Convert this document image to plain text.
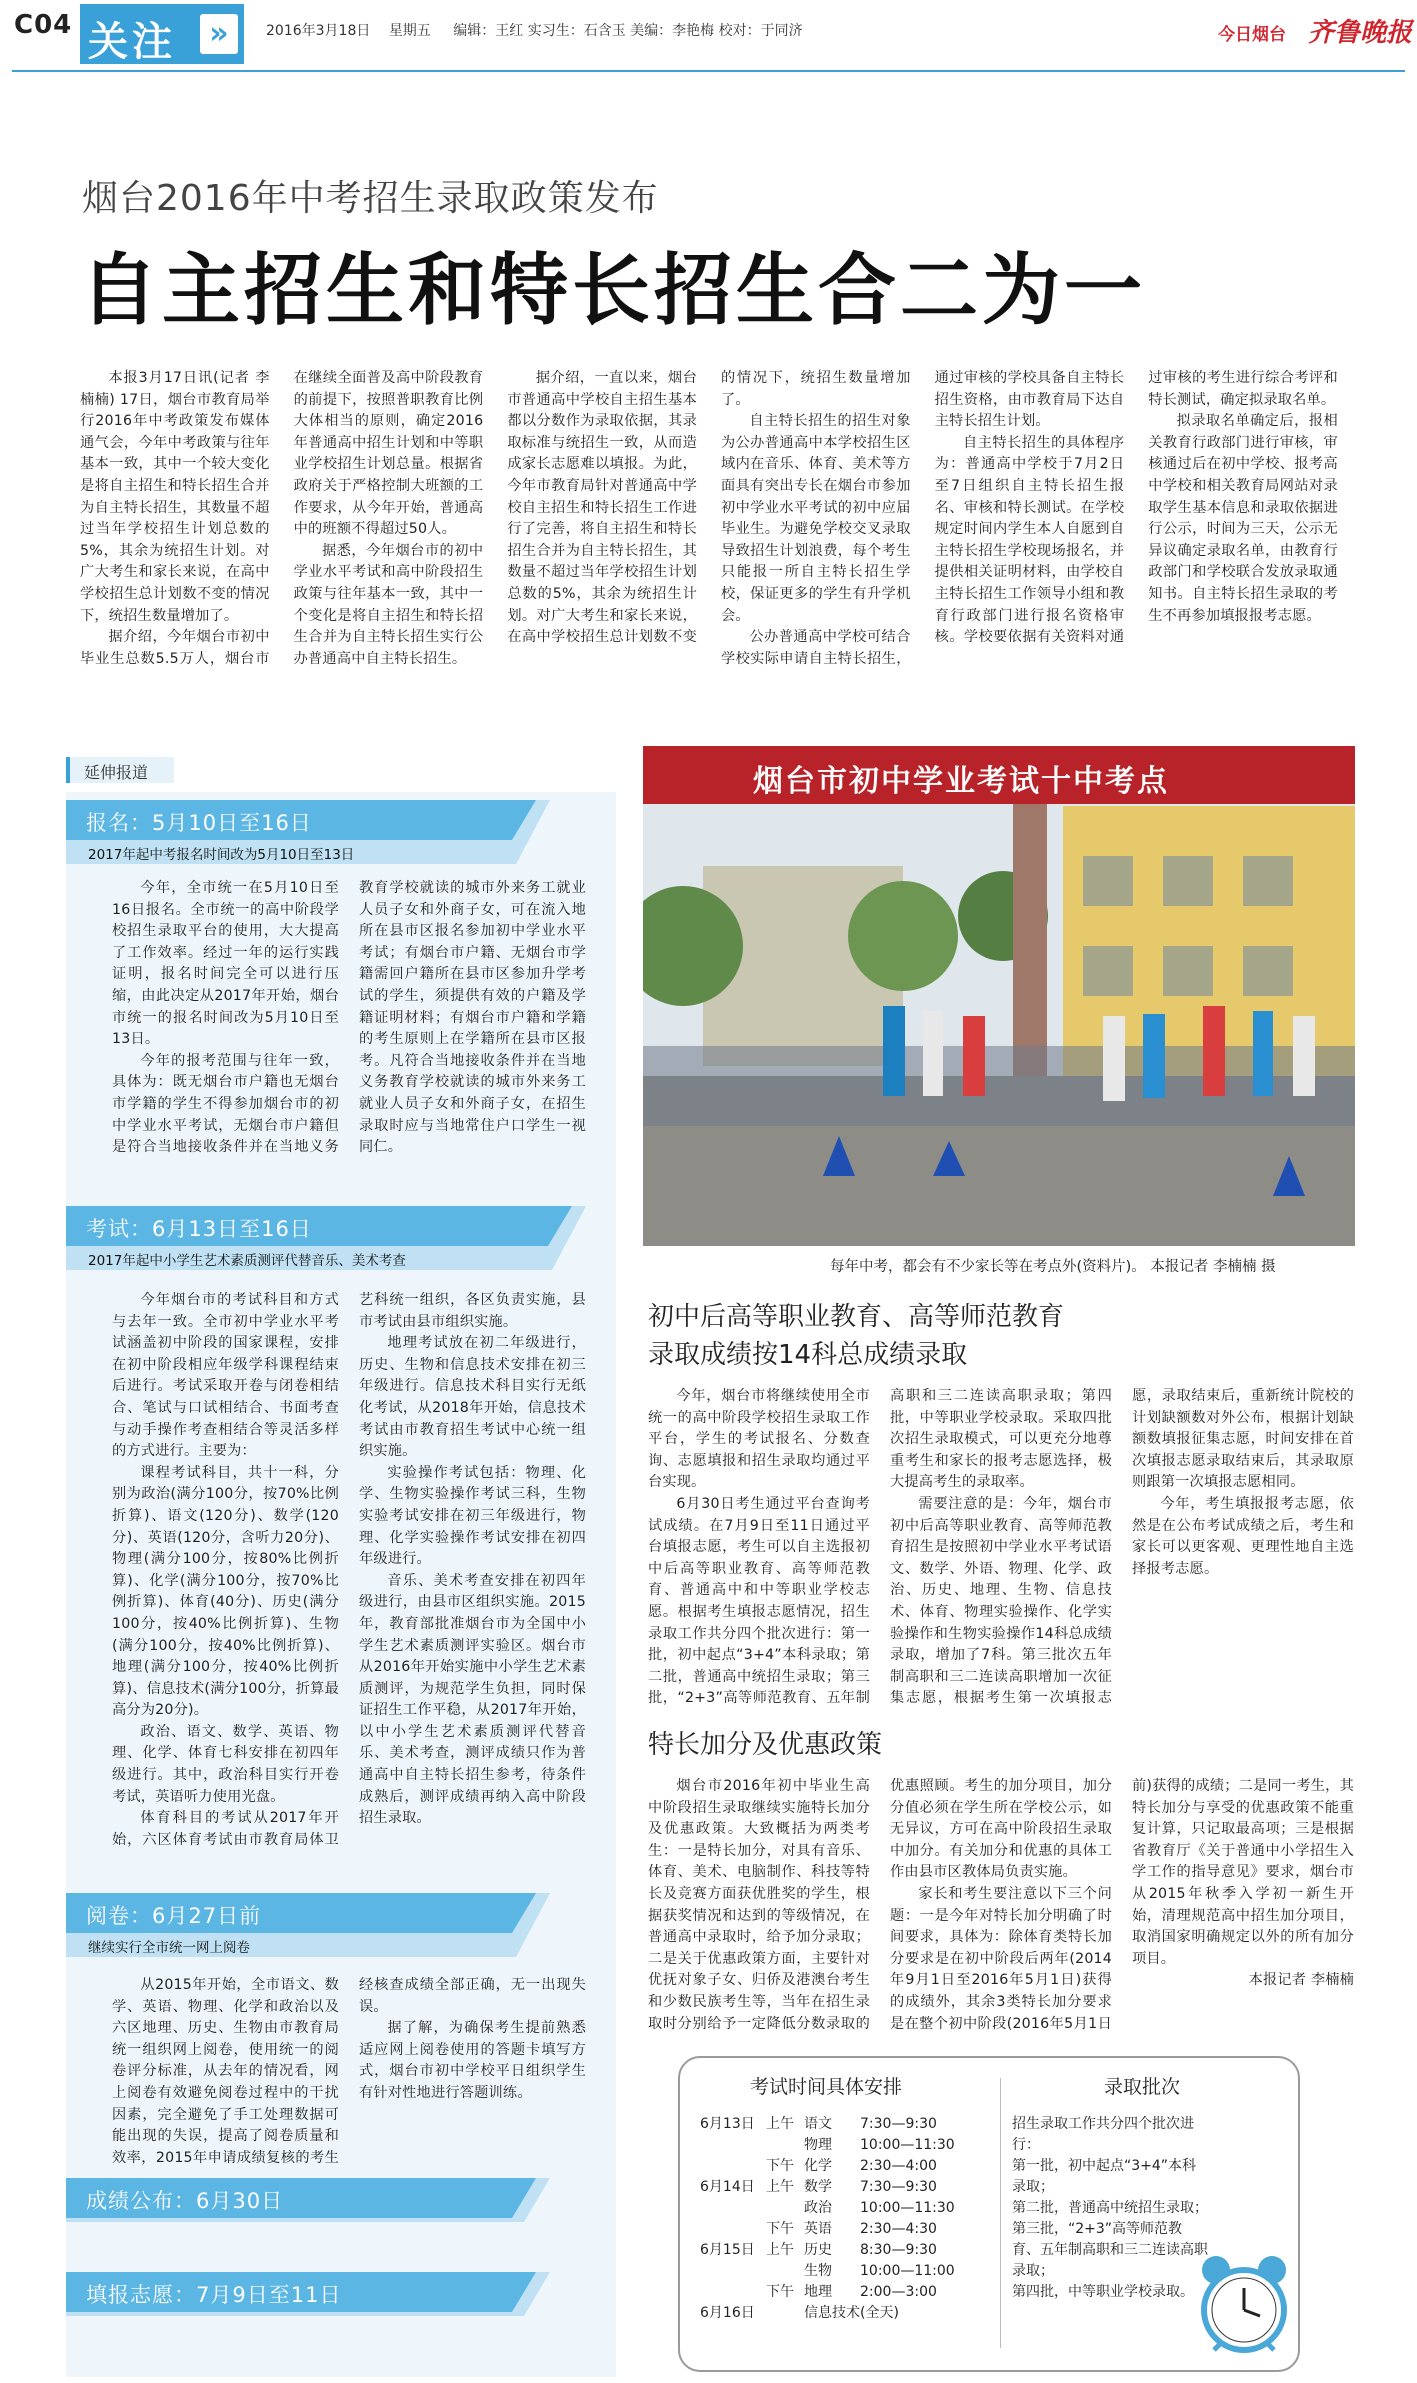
C04 关注	»	2016年3月18日 星期五 编辑：王红 实习生：石含玉 美编：李艳梅 校对：于同济	今日烟台 齐鲁晚报
烟台2016年中考招生录取政策发布
自主招生和特长招生合二为一

本报3月17日讯(记者 李楠楠) 17日，烟台市教育局举行2016年中考政策发布媒体通气会，今年中考政策与往年基本一致，其中一个较大变化是将自主招生和特长招生合并为自主特长招生，其数量不超过当年学校招生计划总数的5%，其余为统招生计划。对广大考生和家长来说，在高中学校招生总计划数不变的情况下，统招生数量增加了。

据介绍，今年烟台市初中毕业生总数5.5万人，烟台市在继续全面普及高中阶段教育的前提下，按照普职教育比例大体相当的原则，确定2016年普通高中招生计划和中等职业学校招生计划总量。根据省政府关于严格控制大班额的工作要求，从今年开始，普通高中的班额不得超过50人。

据悉，今年烟台市的初中学业水平考试和高中阶段招生政策与往年基本一致，其中一个变化是将自主招生和特长招生合并为自主特长招生实行公办普通高中自主特长招生。

据介绍，一直以来，烟台市普通高中学校自主招生基本都以分数作为录取依据，其录取标准与统招生一致，从而造成家长志愿难以填报。为此，今年市教育局针对普通高中学校自主招生和特长招生工作进行了完善，将自主招生和特长招生合并为自主特长招生，其数量不超过当年学校招生计划总数的5%，其余为统招生计划。对广大考生和家长来说，在高中学校招生总计划数不变的情况下，统招生数量增加了。

自主特长招生的招生对象为公办普通高中本学校招生区域内在音乐、体育、美术等方面具有突出专长在烟台市参加初中学业水平考试的初中应届毕业生。为避免学校交叉录取导致招生计划浪费，每个考生只能报一所自主特长招生学校，保证更多的学生有升学机会。

公办普通高中学校可结合学校实际申请自主特长招生，通过审核的学校具备自主特长招生资格，由市教育局下达自主特长招生计划。

自主特长招生的具体程序为：普通高中学校于7月2日至7日组织自主特长招生报名、审核和特长测试。在学校规定时间内学生本人自愿到自主特长招生学校现场报名，并提供相关证明材料，由学校自主特长招生工作领导小组和教育行政部门进行报名资格审核。学校要依据有关资料对通过审核的考生进行综合考评和特长测试，确定拟录取名单。

拟录取名单确定后，报相关教育行政部门进行审核，审核通过后在初中学校、报考高中学校和相关教育局网站对录取学生基本信息和录取依据进行公示，时间为三天，公示无异议确定录取名单，由教育行政部门和学校联合发放录取通知书。自主特长招生录取的考生不再参加填报报考志愿。

延伸报道
报名：5月10日至16日
2017年起中考报名时间改为5月10日至13日

今年，全市统一在5月10日至16日报名。全市统一的高中阶段学校招生录取平台的使用，大大提高了工作效率。经过一年的运行实践证明，报名时间完全可以进行压缩，由此决定从2017年开始，烟台市统一的报名时间改为5月10日至13日。

今年的报考范围与往年一致，具体为：既无烟台市户籍也无烟台市学籍的学生不得参加烟台市的初中学业水平考试，无烟台市户籍但是符合当地接收条件并在当地义务教育学校就读的城市外来务工就业人员子女和外商子女，可在流入地所在县市区报名参加初中学业水平考试；有烟台市户籍、无烟台市学籍需回户籍所在县市区参加升学考试的学生，须提供有效的户籍及学籍证明材料；有烟台市户籍和学籍的考生原则上在学籍所在县市区报考。凡符合当地接收条件并在当地义务教育学校就读的城市外来务工就业人员子女和外商子女，在招生录取时应与当地常住户口学生一视同仁。

考试：6月13日至16日
2017年起中小学生艺术素质测评代替音乐、美术考查

今年烟台市的考试科目和方式与去年一致。全市初中学业水平考试涵盖初中阶段的国家课程，安排在初中阶段相应年级学科课程结束后进行。考试采取开卷与闭卷相结合、笔试与口试相结合、书面考查与动手操作考查相结合等灵活多样的方式进行。主要为：

课程考试科目，共十一科，分别为政治(满分100分，按70%比例折算)、语文(120分)、数学(120分)、英语(120分，含听力20分)、物理(满分100分，按80%比例折算)、化学(满分100分，按70%比例折算)、体育(40分)、历史(满分100分，按40%比例折算)、生物(满分100分，按40%比例折算)、地理(满分100分，按40%比例折算)、信息技术(满分100分，折算最高分为20分)。

政治、语文、数学、英语、物理、化学、体育七科安排在初四年级进行。其中，政治科目实行开卷考试，英语听力使用光盘。

体育科目的考试从2017年开始，六区体育考试由市教育局体卫艺科统一组织，各区负责实施，县市考试由县市组织实施。

地理考试放在初二年级进行，历史、生物和信息技术安排在初三年级进行。信息技术科目实行无纸化考试，从2018年开始，信息技术考试由市教育招生考试中心统一组织实施。

实验操作考试包括：物理、化学、生物实验操作考试三科，生物实验考试安排在初三年级进行，物理、化学实验操作考试安排在初四年级进行。

音乐、美术考查安排在初四年级进行，由县市区组织实施。2015年，教育部批准烟台市为全国中小学生艺术素质测评实验区。烟台市从2016年开始实施中小学生艺术素质测评，为规范学生负担，同时保证招生工作平稳，从2017年开始，以中小学生艺术素质测评代替音乐、美术考查，测评成绩只作为普通高中自主特长招生参考，待条件成熟后，测评成绩再纳入高中阶段招生录取。

阅卷：6月27日前
继续实行全市统一网上阅卷

从2015年开始，全市语文、数学、英语、物理、化学和政治以及六区地理、历史、生物由市教育局统一组织网上阅卷，使用统一的阅卷评分标准，从去年的情况看，网上阅卷有效避免阅卷过程中的干扰因素，完全避免了手工处理数据可能出现的失误，提高了阅卷质量和效率，2015年申请成绩复核的考生经核查成绩全部正确，无一出现失误。

据了解，为确保考生提前熟悉适应网上阅卷使用的答题卡填写方式，烟台市初中学校平日组织学生有针对性地进行答题训练。

成绩公布：6月30日
填报志愿：7月9日至11日
烟台市初中学业考试十中考点
每年中考，都会有不少家长等在考点外(资料片)。 本报记者 李楠楠 摄
初中后高等职业教育、高等师范教育
录取成绩按14科总成绩录取

今年，烟台市将继续使用全市统一的高中阶段学校招生录取工作平台，学生的考试报名、分数查询、志愿填报和招生录取均通过平台实现。

6月30日考生通过平台查询考试成绩。在7月9日至11日通过平台填报志愿，考生可以自主选报初中后高等职业教育、高等师范教育、普通高中和中等职业学校志愿。根据考生填报志愿情况，招生录取工作共分四个批次进行：第一批，初中起点“3+4”本科录取；第二批，普通高中统招生录取；第三批，“2+3”高等师范教育、五年制高职和三二连读高职录取；第四批，中等职业学校录取。采取四批次招生录取模式，可以更充分地尊重考生和家长的报考志愿选择，极大提高考生的录取率。

需要注意的是：今年，烟台市初中后高等职业教育、高等师范教育招生是按照初中学业水平考试语文、数学、外语、物理、化学、政治、历史、地理、生物、信息技术、体育、物理实验操作、化学实验操作和生物实验操作14科总成绩录取，增加了7科。第三批次五年制高职和三二连读高职增加一次征集志愿，根据考生第一次填报志愿，录取结束后，重新统计院校的计划缺额数对外公布，根据计划缺额数填报征集志愿，时间安排在首次填报志愿录取结束后，其录取原则跟第一次填报志愿相同。

今年，考生填报报考志愿，依然是在公布考试成绩之后，考生和家长可以更客观、更理性地自主选择报考志愿。

特长加分及优惠政策

烟台市2016年初中毕业生高中阶段招生录取继续实施特长加分及优惠政策。大致概括为两类考生：一是特长加分，对具有音乐、体育、美术、电脑制作、科技等特长及竞赛方面获优胜奖的学生，根据获奖情况和达到的等级情况，在普通高中录取时，给予加分录取；二是关于优惠政策方面，主要针对优抚对象子女、归侨及港澳台考生和少数民族考生等，当年在招生录取时分别给予一定降低分数录取的优惠照顾。考生的加分项目，加分分值必须在学生所在学校公示，如无异议，方可在高中阶段招生录取中加分。有关加分和优惠的具体工作由县市区教体局负责实施。

家长和考生要注意以下三个问题：一是今年对特长加分明确了时间要求，具体为：除体育类特长加分要求是在初中阶段后两年(2014年9月1日至2016年5月1日)获得的成绩外，其余3类特长加分要求是在整个初中阶段(2016年5月1日前)获得的成绩；二是同一考生，其特长加分与享受的优惠政策不能重复计算，只记取最高项；三是根据省教育厅《关于普通中小学招生入学工作的指导意见》要求，烟台市从2015年秋季入学初一新生开始，清理规范高中招生加分项目，取消国家明确规定以外的所有加分项目。

本报记者 李楠楠

考试时间具体安排
6月13日 上午 语文	7:30—9:30
物理	10:00—11:30
下午 化学	2:30—4:00
6月14日 上午 数学	7:30—9:30
政治	10:00—11:30
下午 英语	2:30—4:30
6月15日 上午 历史	8:30—9:30
生物	10:00—11:00
下午 地理	2:00—3:00
6月16日	信息技术(全天)
录取批次
招生录取工作共分四个批次进行：
第一批，初中起点“3+4”本科录取；
第二批，普通高中统招生录取；
第三批，“2+3”高等师范教育、五年制高职和三二连读高职录取；
第四批，中等职业学校录取。
